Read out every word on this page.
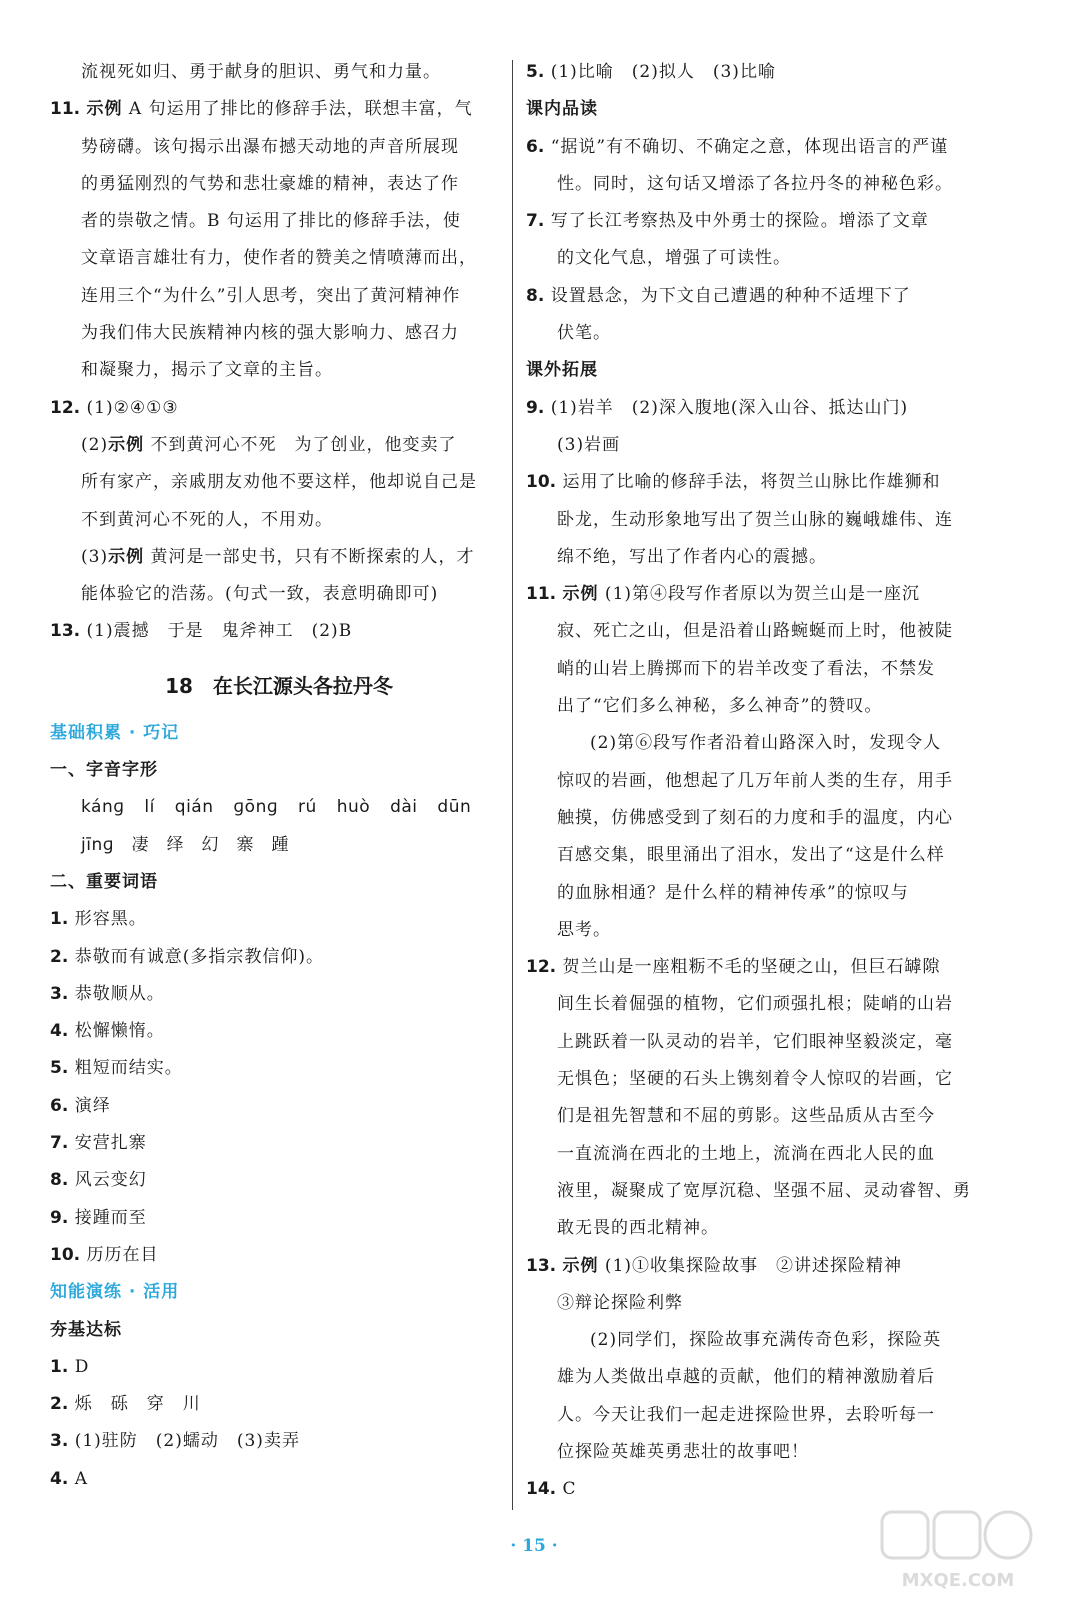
流视死如归、勇于献身的胆识、勇气和力量。
11. 示例 A 句运用了排比的修辞手法，联想丰富，气
势磅礴。该句揭示出瀑布撼天动地的声音所展现
的勇猛刚烈的气势和悲壮豪雄的精神，表达了作
者的崇敬之情。B 句运用了排比的修辞手法，使
文章语言雄壮有力，使作者的赞美之情喷薄而出，
连用三个“为什么”引人思考，突出了黄河精神作
为我们伟大民族精神内核的强大影响力、感召力
和凝聚力，揭示了文章的主旨。
12. (1)②④①③
(2)示例 不到黄河心不死　为了创业，他变卖了
所有家产，亲戚朋友劝他不要这样，他却说自己是
不到黄河心不死的人，不用劝。
(3)示例 黄河是一部史书，只有不断探索的人，才
能体验它的浩荡。(句式一致，表意明确即可)
13. (1)震撼　于是　鬼斧神工　(2)B
18　在长江源头各拉丹冬
基础积累 · 巧记
一、字音字形
kánɡ lí qián ɡōnɡ rú huò dài dūn
jīnɡ　凄　绎　幻　寨　踵
二、重要词语
1. 形容黑。
2. 恭敬而有诚意(多指宗教信仰)。
3. 恭敬顺从。
4. 松懈懒惰。
5. 粗短而结实。
6. 演绎
7. 安营扎寨
8. 风云变幻
9. 接踵而至
10. 历历在目
知能演练 · 活用
夯基达标
1. D
2. 烁　砾　穿　川
3. (1)驻防　(2)蠕动　(3)卖弄
4. A
5. (1)比喻　(2)拟人　(3)比喻
课内品读
6. “据说”有不确切、不确定之意，体现出语言的严谨
性。同时，这句话又增添了各拉丹冬的神秘色彩。
7. 写了长江考察热及中外勇士的探险。增添了文章
的文化气息，增强了可读性。
8. 设置悬念，为下文自己遭遇的种种不适埋下了
伏笔。
课外拓展
9. (1)岩羊　(2)深入腹地(深入山谷、抵达山门)
(3)岩画
10. 运用了比喻的修辞手法，将贺兰山脉比作雄狮和
卧龙，生动形象地写出了贺兰山脉的巍峨雄伟、连
绵不绝，写出了作者内心的震撼。
11. 示例 (1)第④段写作者原以为贺兰山是一座沉
寂、死亡之山，但是沿着山路蜿蜒而上时，他被陡
峭的山岩上腾掷而下的岩羊改变了看法，不禁发
出了“它们多么神秘，多么神奇”的赞叹。
(2)第⑥段写作者沿着山路深入时，发现令人
惊叹的岩画，他想起了几万年前人类的生存，用手
触摸，仿佛感受到了刻石的力度和手的温度，内心
百感交集，眼里涌出了泪水，发出了“这是什么样
的血脉相通？是什么样的精神传承”的惊叹与
思考。
12. 贺兰山是一座粗粝不毛的坚硬之山，但巨石罅隙
间生长着倔强的植物，它们顽强扎根；陡峭的山岩
上跳跃着一队灵动的岩羊，它们眼神坚毅淡定，毫
无惧色；坚硬的石头上镌刻着令人惊叹的岩画，它
们是祖先智慧和不屈的剪影。这些品质从古至今
一直流淌在西北的土地上，流淌在西北人民的血
液里，凝聚成了宽厚沉稳、坚强不屈、灵动睿智、勇
敢无畏的西北精神。
13. 示例 (1)①收集探险故事　②讲述探险精神
③辩论探险利弊
(2)同学们，探险故事充满传奇色彩，探险英
雄为人类做出卓越的贡献，他们的精神激励着后
人。今天让我们一起走进探险世界，去聆听每一
位探险英雄英勇悲壮的故事吧！
14. C
· 15 ·
MXQE.COM
